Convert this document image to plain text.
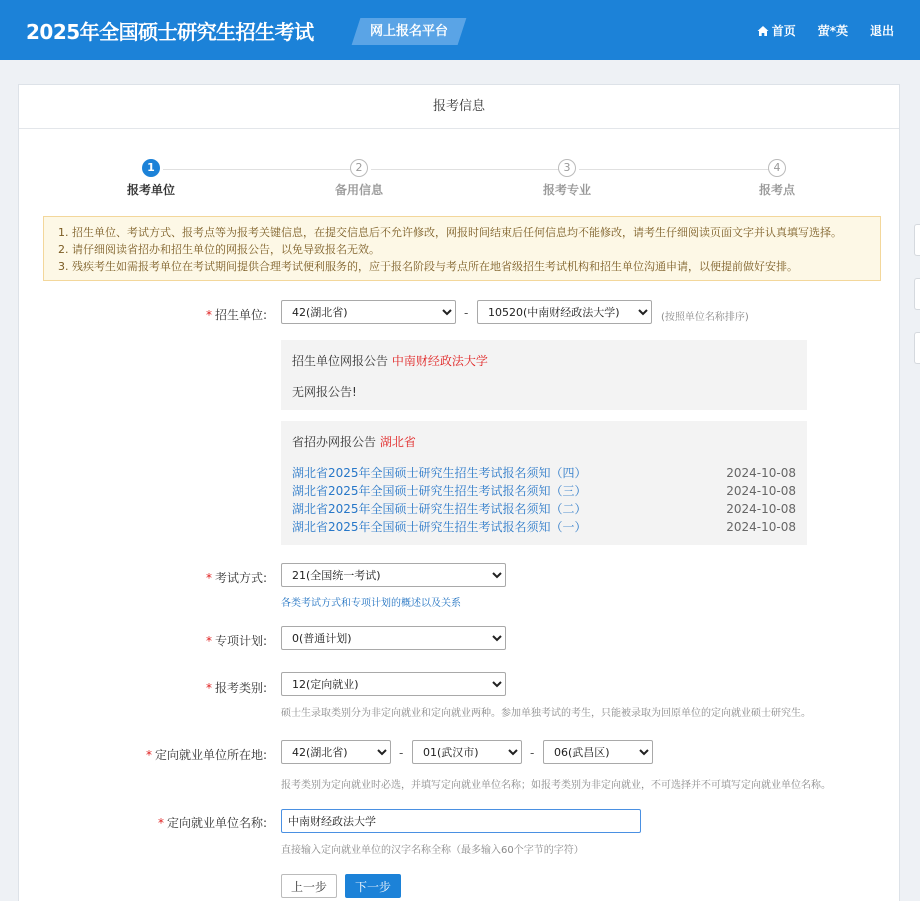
2025年全国硕士研究生招生考试	网上报名平台	首页 萤*英 退出
报考信息
1
报考单位
2
备用信息
3
报考专业
4
报考点
1. 招生单位、考试方式、报考点等为报考关键信息，在提交信息后不允许修改，网报时间结束后任何信息均不能修改，请考生仔细阅读页面文字并认真填写选择。
2. 请仔细阅读省招办和招生单位的网报公告，以免导致报名无效。
3. 残疾考生如需报考单位在考试期间提供合理考试便利服务的，应于报名阶段与考点所在地省级招生考试机构和招生单位沟通申请，以便提前做好安排。
* 招生单位:
42(湖北省)	-
10520(中南财经政法大学)	(按照单位名称排序)
招生单位网报公告 中南财经政法大学
无网报公告!
省招办网报公告 湖北省
湖北省2025年全国硕士研究生招生考试报名须知（四）	2024-10-08
湖北省2025年全国硕士研究生招生考试报名须知（三）	2024-10-08
湖北省2025年全国硕士研究生招生考试报名须知（二）	2024-10-08
湖北省2025年全国硕士研究生招生考试报名须知（一）	2024-10-08
* 考试方式:
21(全国统一考试)
各类考试方式和专项计划的概述以及关系
* 专项计划:
0(普通计划)
* 报考类别:
12(定向就业)
硕士生录取类别分为非定向就业和定向就业两种。参加单独考试的考生，只能被录取为回原单位的定向就业硕士研究生。
* 定向就业单位所在地:
42(湖北省)	-
01(武汉市)	-
06(武昌区)
报考类别为定向就业时必选，并填写定向就业单位名称；如报考类别为非定向就业，不可选择并不可填写定向就业单位名称。
* 定向就业单位名称:
中南财经政法大学
直接输入定向就业单位的汉字名称全称（最多输入60个字节的字符）
上一步	下一步
